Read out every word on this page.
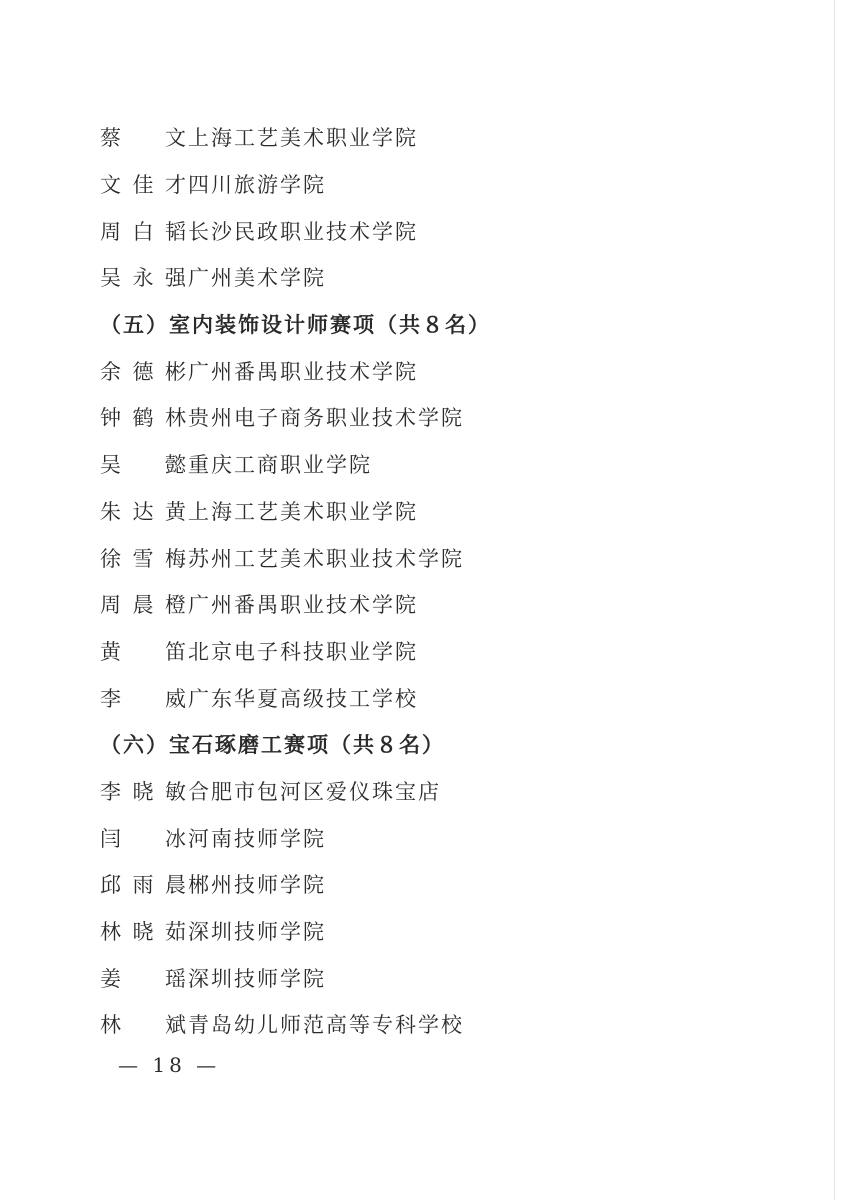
蔡 文 上海工艺美术职业学院
文 佳 才 四川旅游学院
周 白 韬 长沙民政职业技术学院
吴 永 强 广州美术学院
（五）室内装饰设计师赛项（共８名）
余 德 彬 广州番禺职业技术学院
钟 鹤 林 贵州电子商务职业技术学院
吴 懿 重庆工商职业学院
朱 达 黄 上海工艺美术职业学院
徐 雪 梅 苏州工艺美术职业技术学院
周 晨 橙 广州番禺职业技术学院
黄 笛 北京电子科技职业学院
李 威 广东华夏高级技工学校
（六）宝石琢磨工赛项（共８名）
李 晓 敏 合肥市包河区爱仪珠宝店
闫 冰 河南技师学院
邱 雨 晨 郴州技师学院
林 晓 茹 深圳技师学院
姜 瑶 深圳技师学院
林 斌 青岛幼儿师范高等专科学校
— 18 —
